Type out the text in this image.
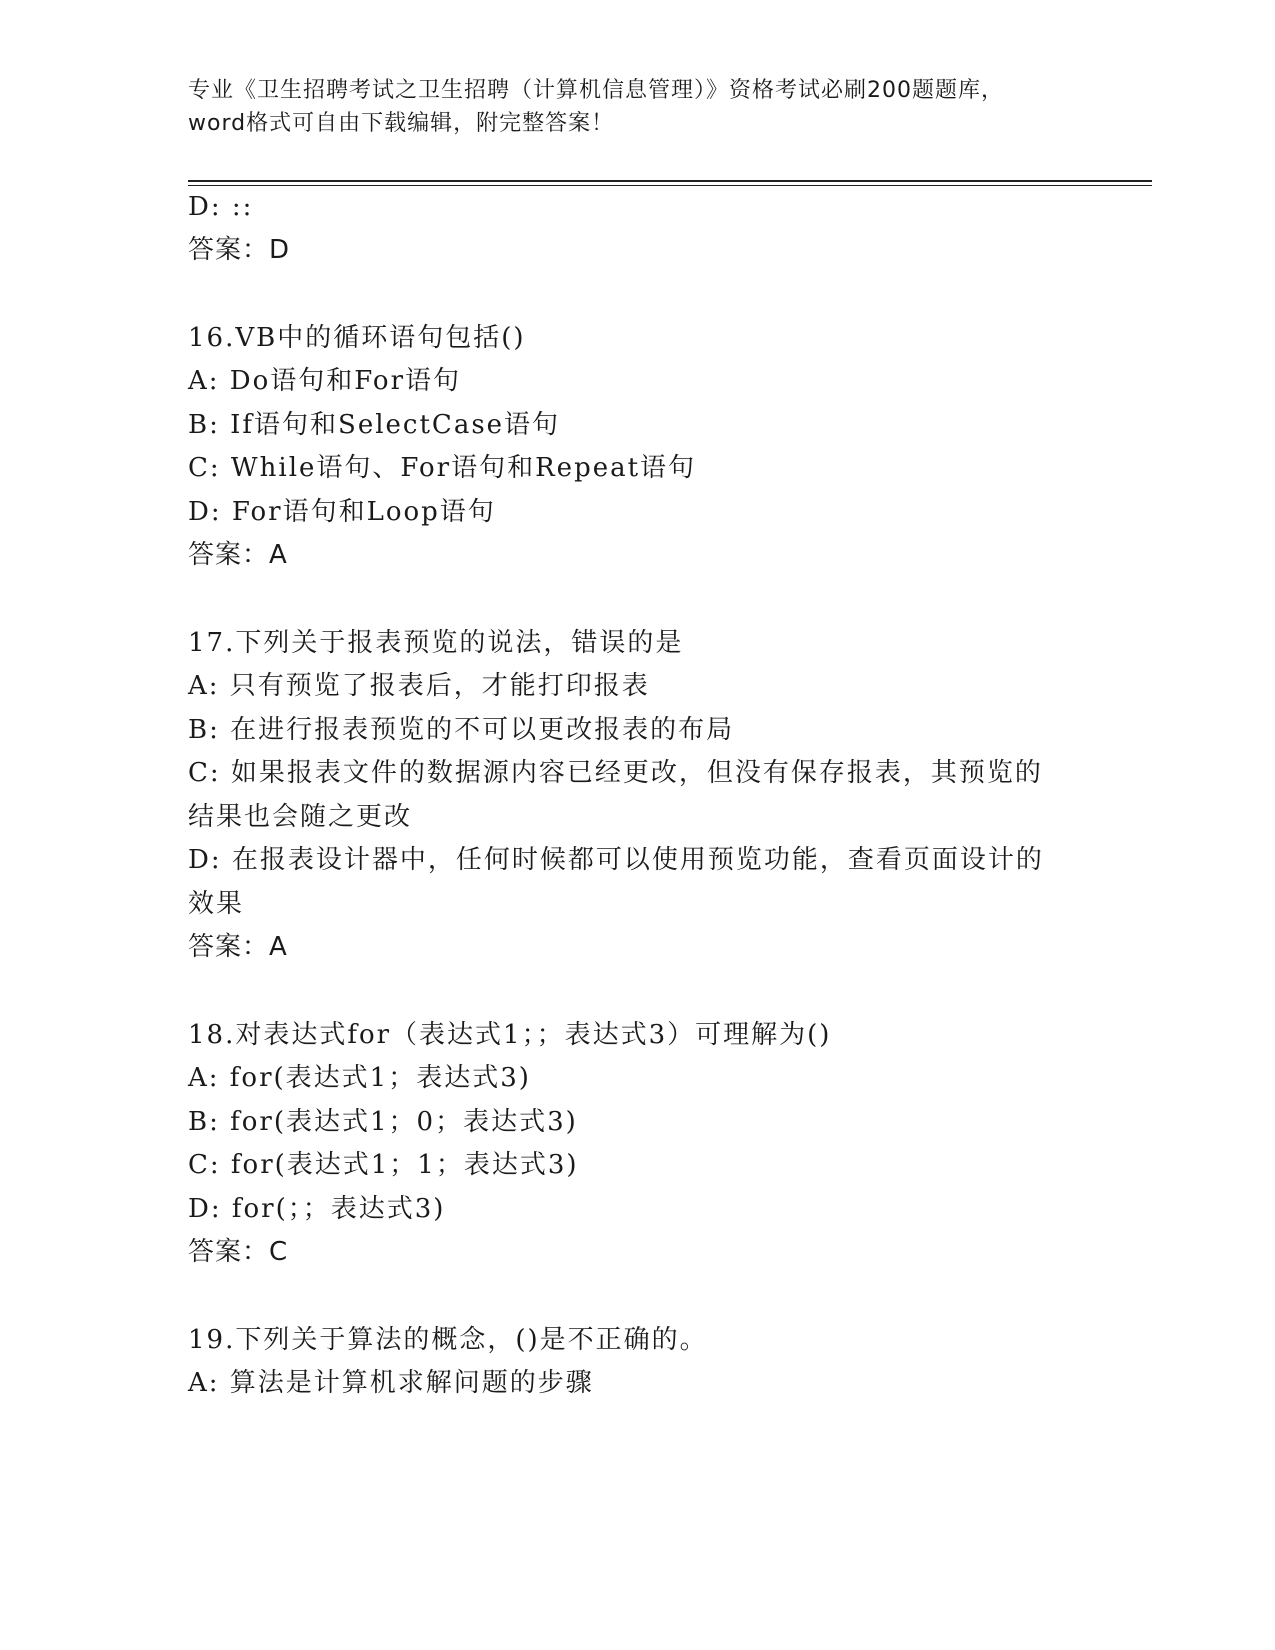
专业《卫生招聘考试之卫生招聘（计算机信息管理）》资格考试必刷200题题库，
word格式可自由下载编辑，附完整答案！
D: ::
答案：D
16.VB中的循环语句包括()
A: Do语句和For语句
B: If语句和SelectCase语句
C: While语句、For语句和Repeat语句
D: For语句和Loop语句
答案：A
17.下列关于报表预览的说法，错误的是
A: 只有预览了报表后，才能打印报表
B: 在进行报表预览的不可以更改报表的布局
C: 如果报表文件的数据源内容已经更改，但没有保存报表，其预览的
结果也会随之更改
D: 在报表设计器中，任何时候都可以使用预览功能，查看页面设计的
效果
答案：A
18.对表达式for（表达式1；；表达式3）可理解为()
A: for(表达式1；表达式3)
B: for(表达式1；0；表达式3)
C: for(表达式1；1；表达式3)
D: for(；；表达式3)
答案：C
19.下列关于算法的概念，()是不正确的。
A: 算法是计算机求解问题的步骤
